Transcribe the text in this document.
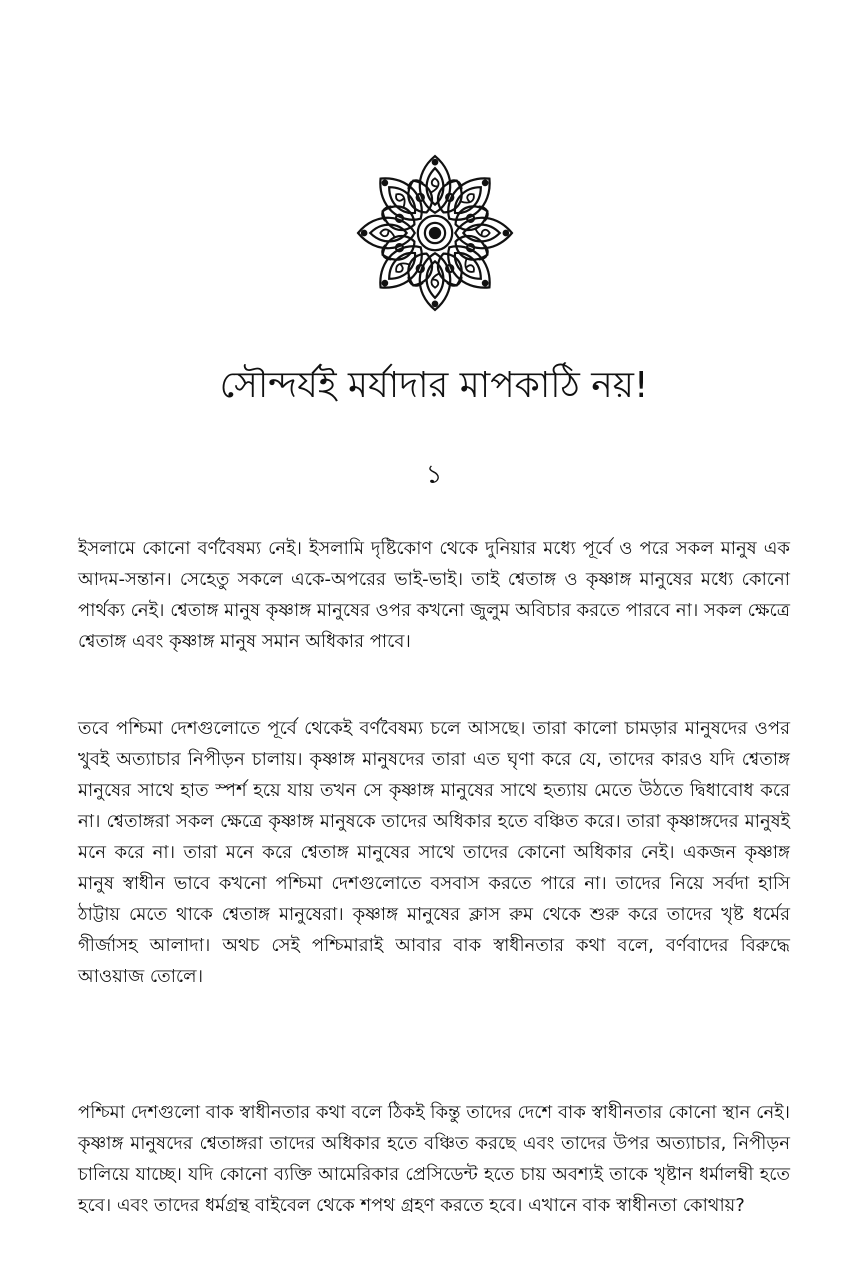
সৌন্দর্যই মর্যাদার মাপকাঠি নয়!
১

ইসলামে কোনো বর্ণবৈষম্য নেই। ইসলামি দৃষ্টিকোণ থেকে দুনিয়ার মধ্যে পূর্বে ও পরে সকল মানুষ এক আদম-সন্তান। সেহেতু সকলে একে-অপরের ভাই-ভাই। তাই শ্বেতাঙ্গ ও কৃষ্ণাঙ্গ মানুষের মধ্যে কোনো পার্থক্য নেই। শ্বেতাঙ্গ মানুষ কৃষ্ণাঙ্গ মানুষের ওপর কখনো জুলুম অবিচার করতে পারবে না। সকল ক্ষেত্রে শ্বেতাঙ্গ এবং কৃষ্ণাঙ্গ মানুষ সমান অধিকার পাবে।

তবে পশ্চিমা দেশগুলোতে পূর্বে থেকেই বর্ণবৈষম্য চলে আসছে। তারা কালো চামড়ার মানুষদের ওপর খুবই অত্যাচার নিপীড়ন চালায়। কৃষ্ণাঙ্গ মানুষদের তারা এত ঘৃণা করে যে, তাদের কারও যদি শ্বেতাঙ্গ মানুষের সাথে হাত স্পর্শ হয়ে যায় তখন সে কৃষ্ণাঙ্গ মানুষের সাথে হত্যায় মেতে উঠতে দ্বিধাবোধ করে না। শ্বেতাঙ্গরা সকল ক্ষেত্রে কৃষ্ণাঙ্গ মানুষকে তাদের অধিকার হতে বঞ্চিত করে। তারা কৃষ্ণাঙ্গদের মানুষই মনে করে না। তারা মনে করে শ্বেতাঙ্গ মানুষের সাথে তাদের কোনো অধিকার নেই। একজন কৃষ্ণাঙ্গ মানুষ স্বাধীন ভাবে কখনো পশ্চিমা দেশগুলোতে বসবাস করতে পারে না। তাদের নিয়ে সর্বদা হাসি ঠাট্টায় মেতে থাকে শ্বেতাঙ্গ মানুষেরা। কৃষ্ণাঙ্গ মানুষের ক্লাস রুম থেকে শুরু করে তাদের খৃষ্ট ধর্মের গীর্জাসহ আলাদা। অথচ সেই পশ্চিমারাই আবার বাক স্বাধীনতার কথা বলে, বর্ণবাদের বিরুদ্ধে আওয়াজ তোলে।

পশ্চিমা দেশগুলো বাক স্বাধীনতার কথা বলে ঠিকই কিন্তু তাদের দেশে বাক স্বাধীনতার কোনো স্থান নেই। কৃষ্ণাঙ্গ মানুষদের শ্বেতাঙ্গরা তাদের অধিকার হতে বঞ্চিত করছে এবং তাদের উপর অত্যাচার, নিপীড়ন চালিয়ে যাচ্ছে। যদি কোনো ব্যক্তি আমেরিকার প্রেসিডেন্ট হতে চায় অবশ্যই তাকে খৃষ্টান ধর্মালম্বী হতে হবে। এবং তাদের ধর্মগ্রন্থ বাইবেল থেকে শপথ গ্রহণ করতে হবে। এখানে বাক স্বাধীনতা কোথায়?
